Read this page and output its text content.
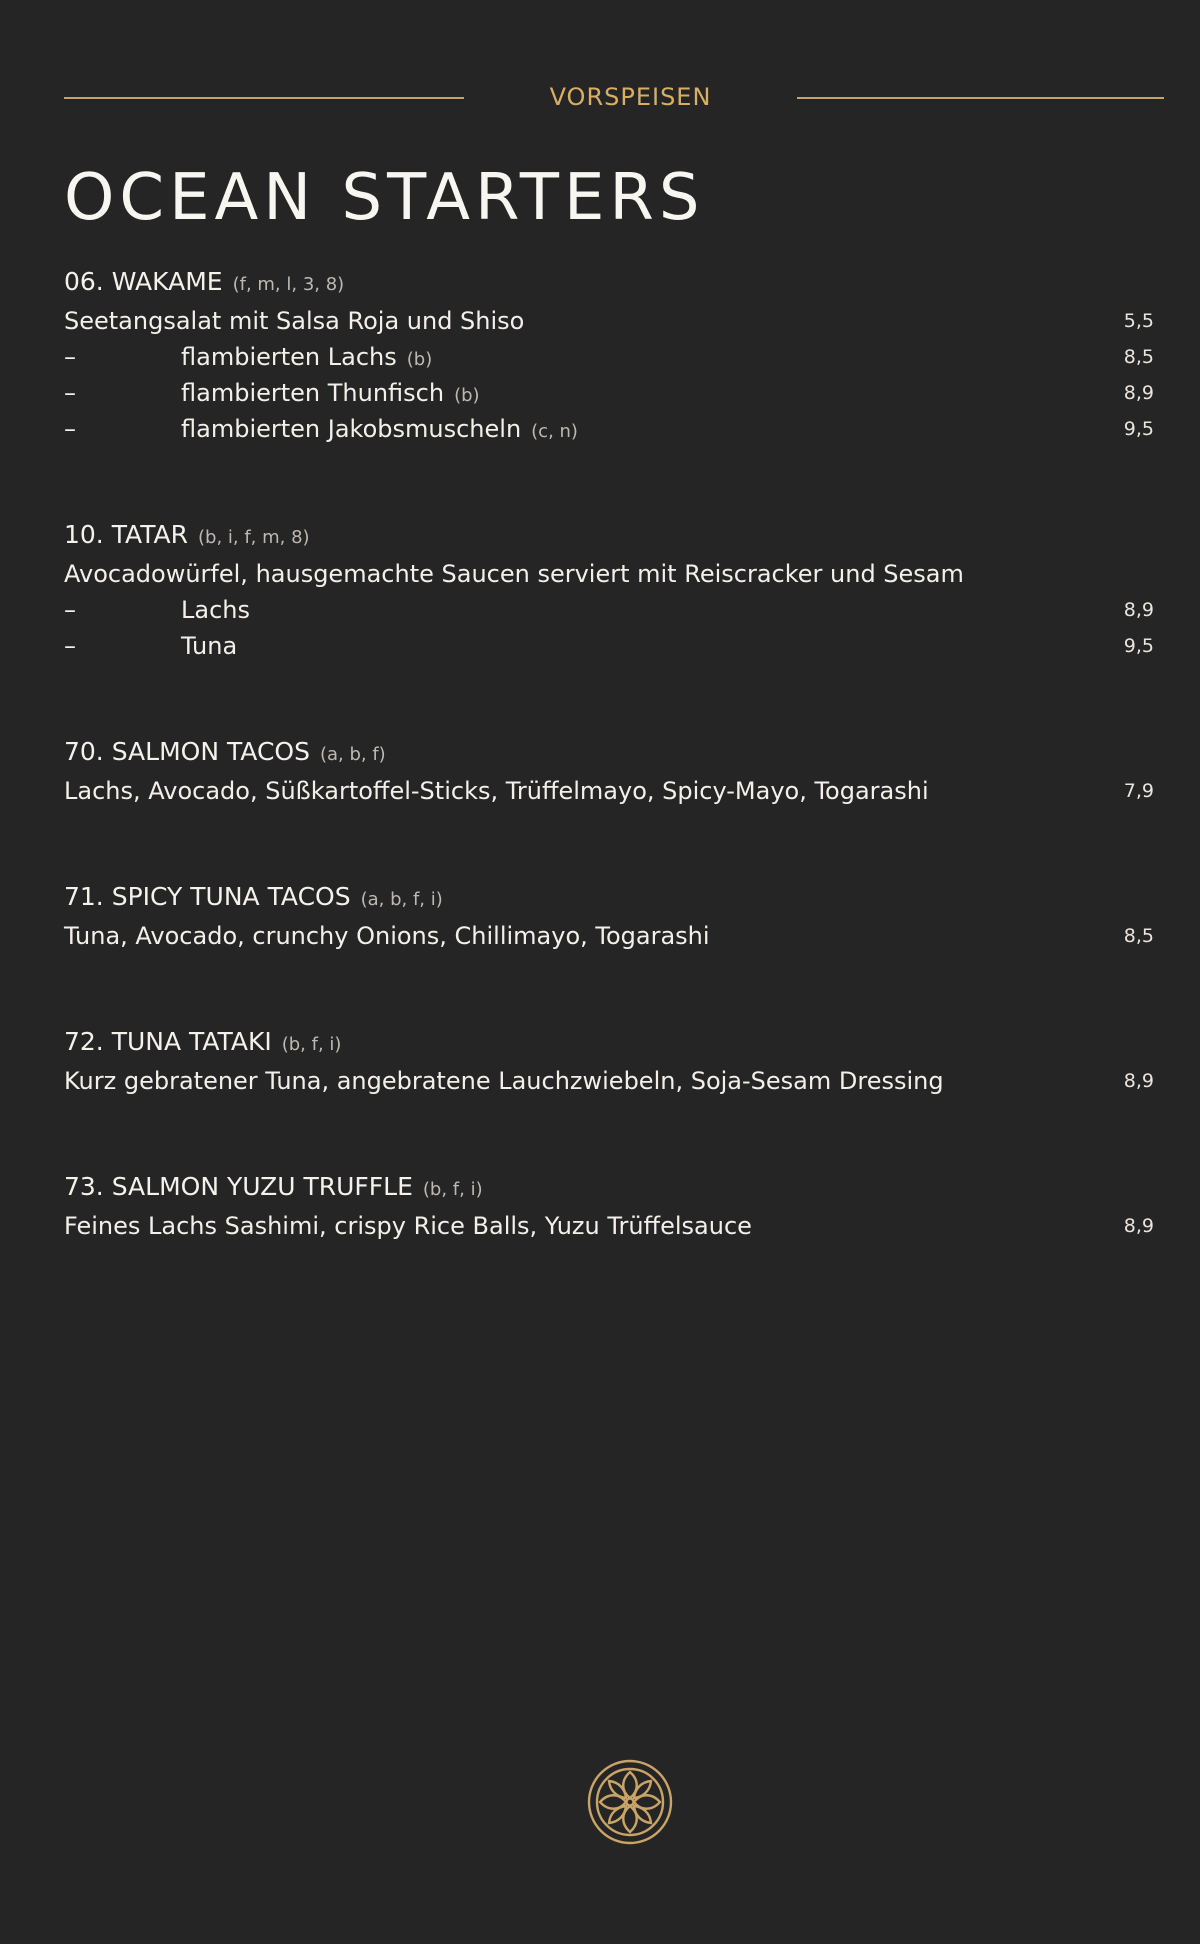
VORSPEISEN
OCEAN STARTERS
06. WAKAME (f, m, l, 3, 8)
Seetangsalat mit Salsa Roja und Shiso	5,5
–	flambierten Lachs (b)	8,5
–	flambierten Thunfisch (b)	8,9
–	flambierten Jakobsmuscheln (c, n)	9,5
10. TATAR (b, i, f, m, 8)
Avocadowürfel, hausgemachte Saucen serviert mit Reiscracker und Sesam
–	Lachs	8,9
–	Tuna	9,5
70. SALMON TACOS (a, b, f)
Lachs, Avocado, Süßkartoffel-Sticks, Trüffelmayo, Spicy-Mayo, Togarashi	7,9
71. SPICY TUNA TACOS (a, b, f, i)
Tuna, Avocado, crunchy Onions, Chillimayo, Togarashi	8,5
72. TUNA TATAKI (b, f, i)
Kurz gebratener Tuna, angebratene Lauchzwiebeln, Soja-Sesam Dressing	8,9
73. SALMON YUZU TRUFFLE (b, f, i)
Feines Lachs Sashimi, crispy Rice Balls, Yuzu Trüffelsauce	8,9
